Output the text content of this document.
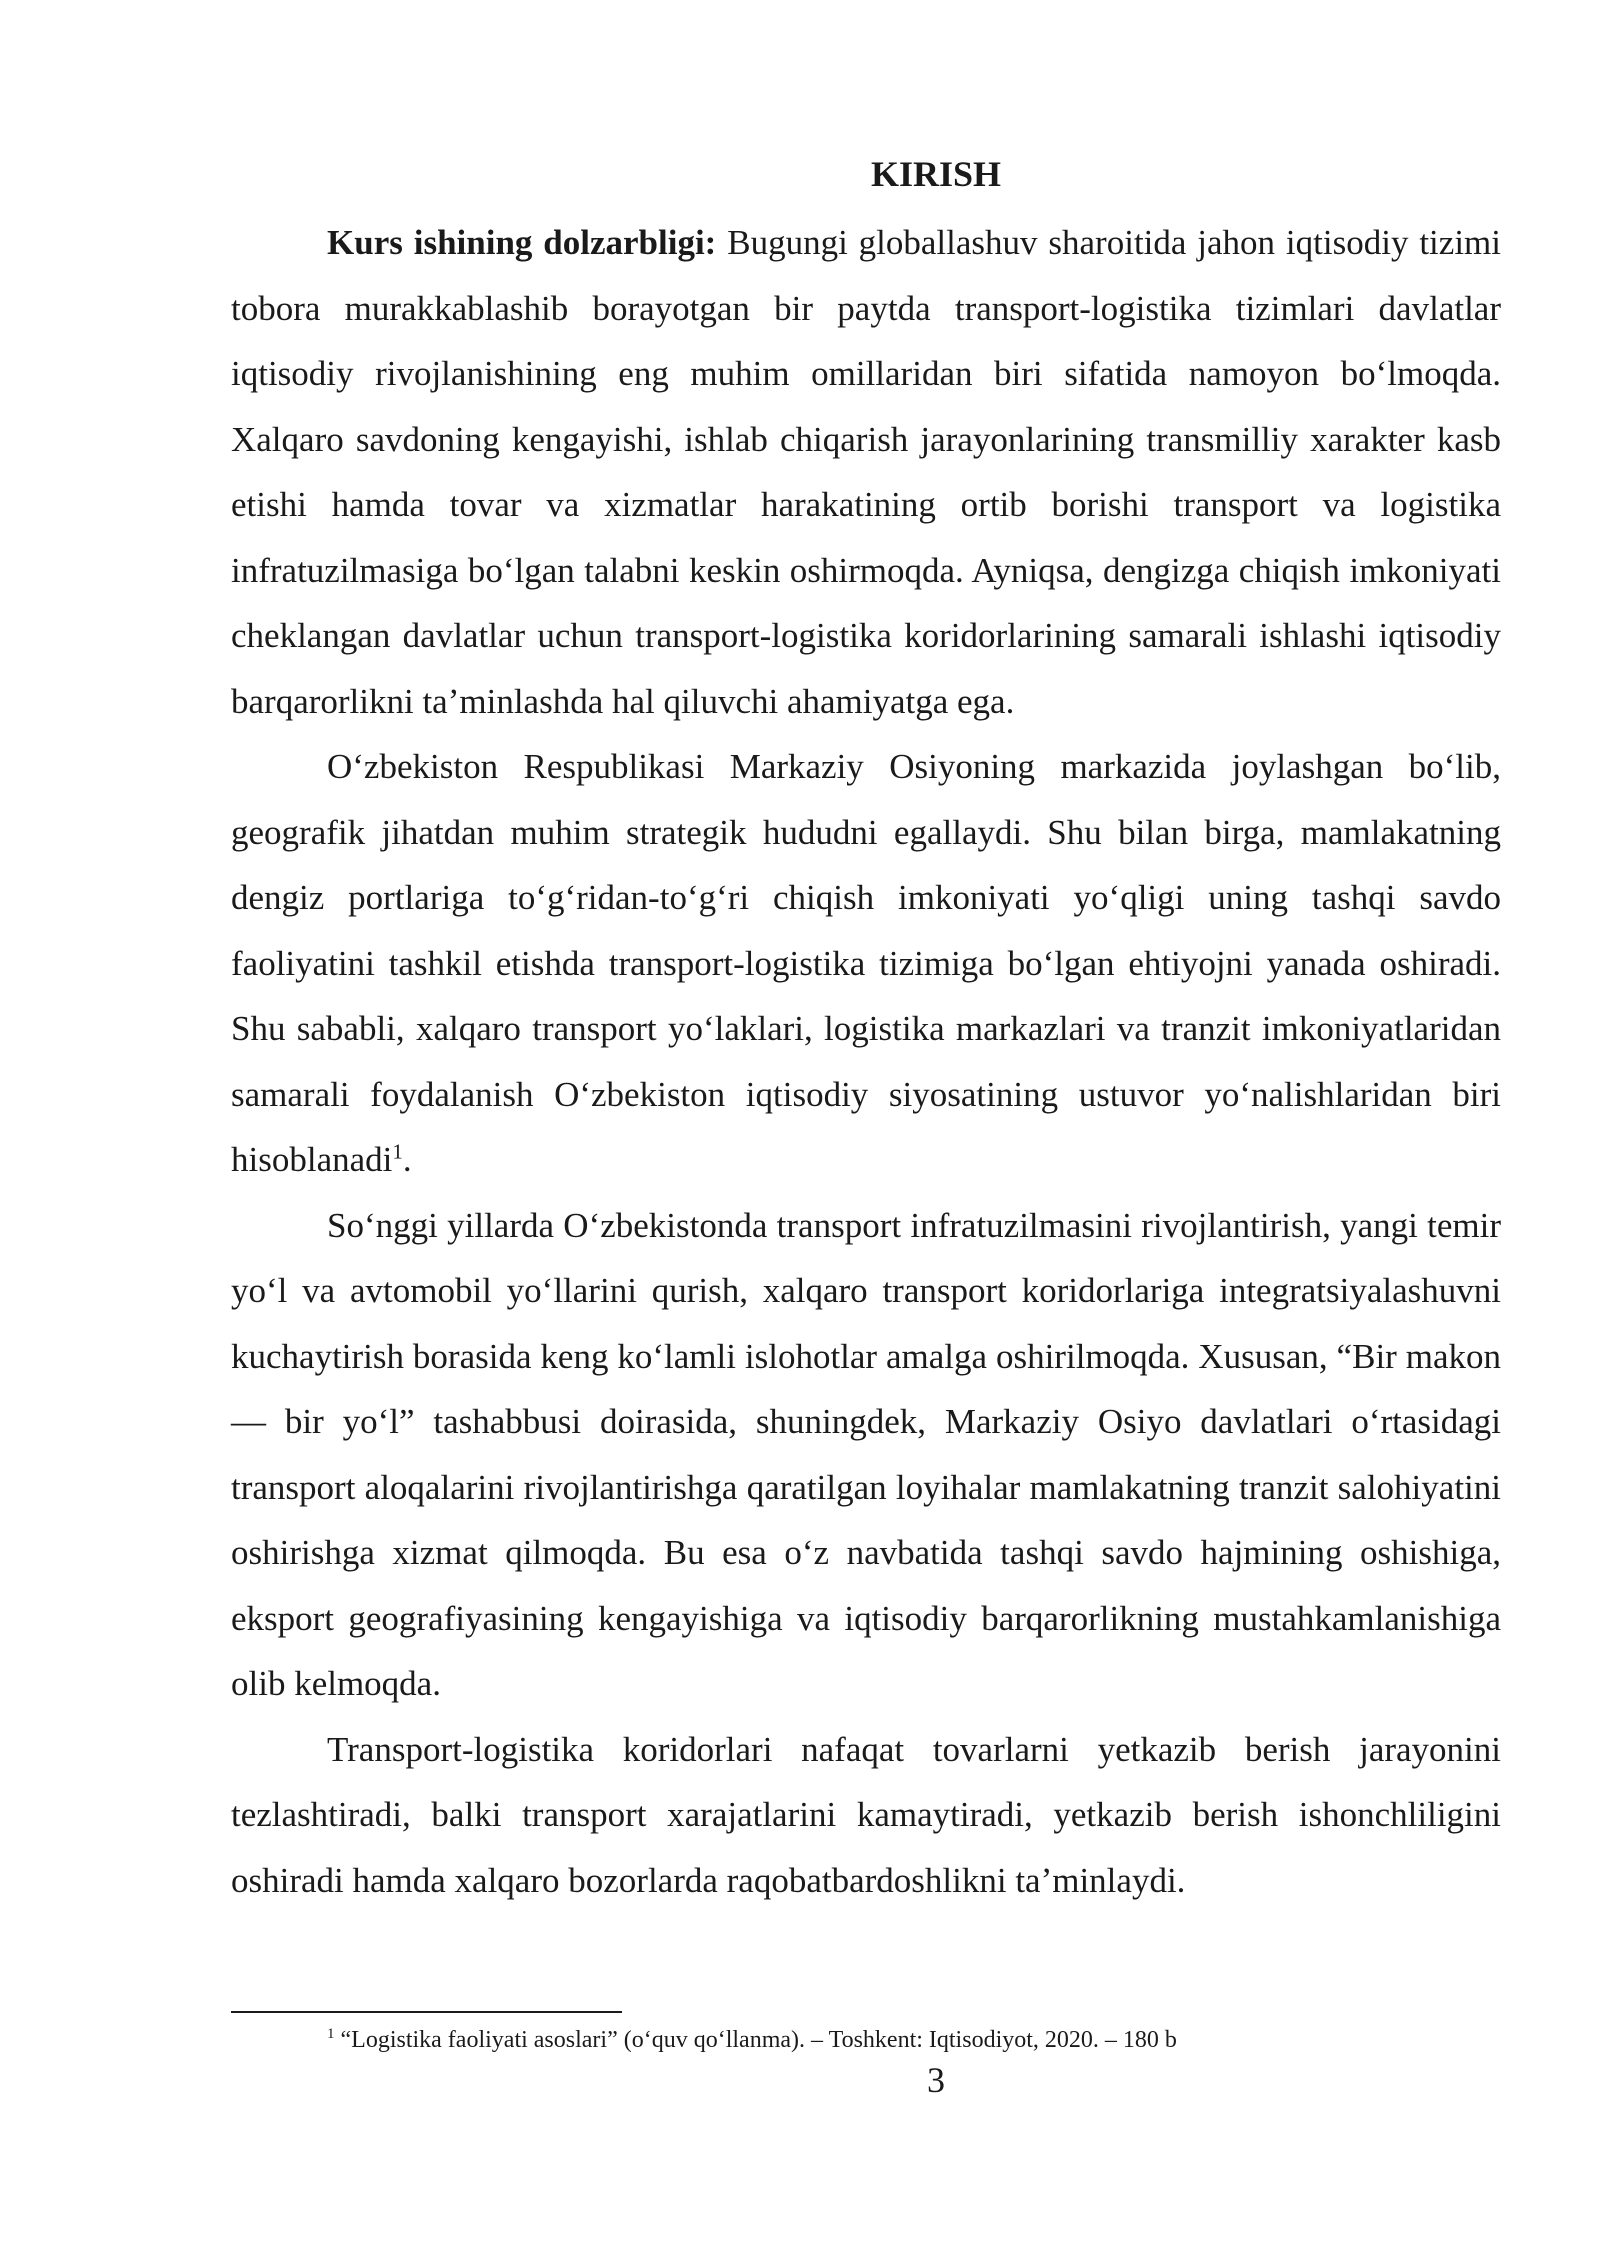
KIRISH

Kurs ishining dolzarbligi: Bugungi globallashuv sharoitida jahon iqtisodiy tizimi tobora murakkablashib borayotgan bir paytda transport-logistika tizimlari davlatlar iqtisodiy rivojlanishining eng muhim omillaridan biri sifatida namoyon boʻlmoqda. Xalqaro savdoning kengayishi, ishlab chiqarish jarayonlarining transmilliy xarakter kasb etishi hamda tovar va xizmatlar harakatining ortib borishi transport va logistika infratuzilmasiga boʻlgan talabni keskin oshirmoqda. Ayniqsa, dengizga chiqish imkoniyati cheklangan davlatlar uchun transport-logistika koridorlarining samarali ishlashi iqtisodiy barqarorlikni taʼminlashda hal qiluvchi ahamiyatga ega.

Oʻzbekiston Respublikasi Markaziy Osiyoning markazida joylashgan boʻlib, geografik jihatdan muhim strategik hududni egallaydi. Shu bilan birga, mamlakatning dengiz portlariga toʻgʻridan-toʻgʻri chiqish imkoniyati yoʻqligi uning tashqi savdo faoliyatini tashkil etishda transport-logistika tizimiga boʻlgan ehtiyojni yanada oshiradi. Shu sababli, xalqaro transport yoʻlaklari, logistika markazlari va tranzit imkoniyatlaridan samarali foydalanish Oʻzbekiston iqtisodiy siyosatining ustuvor yoʻnalishlaridan biri hisoblanadi$^1$.

Soʻnggi yillarda Oʻzbekistonda transport infratuzilmasini rivojlantirish, yangi temir yoʻl va avtomobil yoʻllarini qurish, xalqaro transport koridorlariga integratsiyalashuvni kuchaytirish borasida keng koʻlamli islohotlar amalga oshirilmoqda. Xususan, “Bir makon — bir yoʻl” tashabbusi doirasida, shuningdek, Markaziy Osiyo davlatlari oʻrtasidagi transport aloqalarini rivojlantirishga qaratilgan loyihalar mamlakatning tranzit salohiyatini oshirishga xizmat qilmoqda. Bu esa oʻz navbatida tashqi savdo hajmining oshishiga, eksport geografiyasining kengayishiga va iqtisodiy barqarorlikning mustahkamlanishiga olib kelmoqda.

Transport-logistika koridorlari nafaqat tovarlarni yetkazib berish jarayonini tezlashtiradi, balki transport xarajatlarini kamaytiradi, yetkazib berish ishonchliligini oshiradi hamda xalqaro bozorlarda raqobatbardoshlikni taʼminlaydi.

$^1$ “Logistika faoliyati asoslari” (oʻquv qoʻllanma). – Toshkent: Iqtisodiyot, 2020. – 180 b

3
